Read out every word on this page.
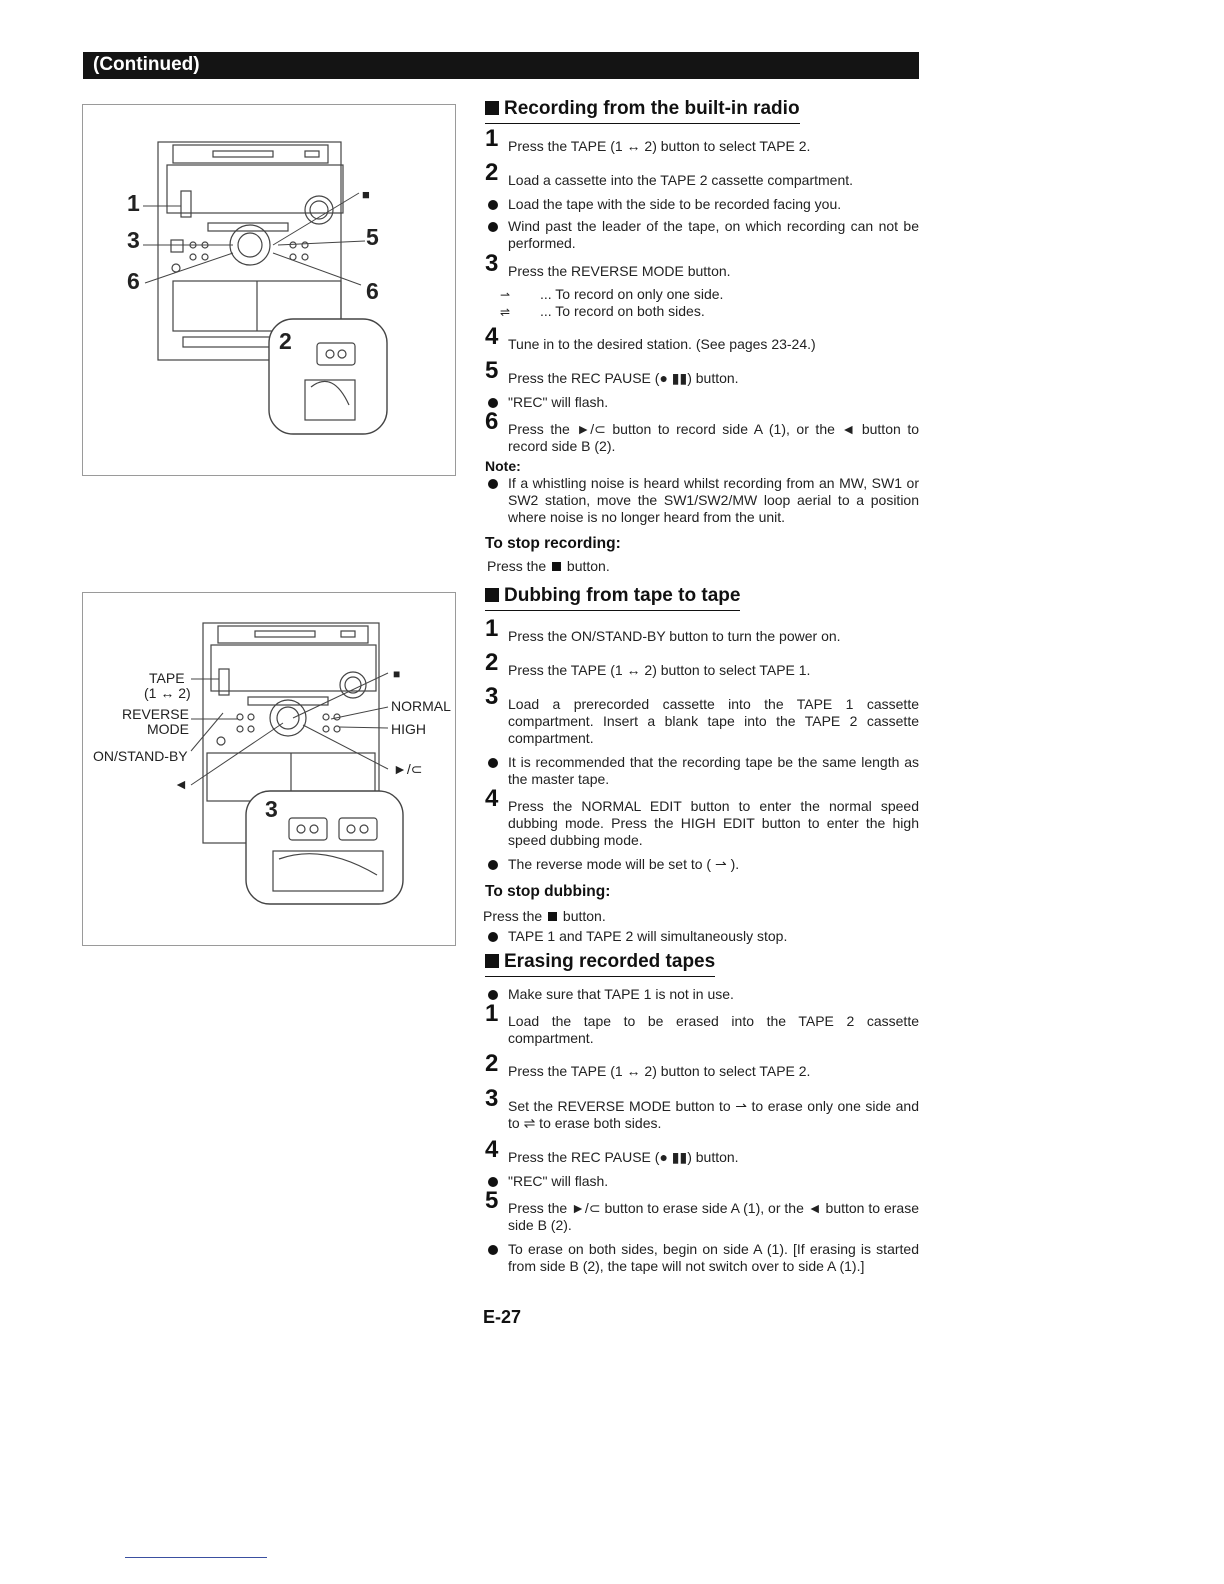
(Continued)
1
3
6
■
5
6
2
TAPE
(1 ↔ 2)
REVERSE
MODE
ON/STAND-BY
◄
■
NORMAL
HIGH
►/⊂
3
Recording from the built-in radio
1 Press the TAPE (1 ↔ 2) button to select TAPE 2.
2 Load a cassette into the TAPE 2 cassette compartment.
Load the tape with the side to be recorded facing you.
Wind past the leader of the tape, on which recording can not be performed.
3 Press the REVERSE MODE button.
⇀ ... To record on only one side.
⇌ ... To record on both sides.
4 Tune in to the desired station. (See pages 23-24.)
5 Press the REC PAUSE (● ▮▮) button.
"REC" will flash.
6 Press the ►/⊂ button to record side A (1), or the ◄ button to record side B (2).
Note:
If a whistling noise is heard whilst recording from an MW, SW1 or SW2 station, move the SW1/SW2/MW loop aerial to a position where noise is no longer heard from the unit.
To stop recording:
Press the button.
Dubbing from tape to tape
1 Press the ON/STAND-BY button to turn the power on.
2 Press the TAPE (1 ↔ 2) button to select TAPE 1.
3 Load a prerecorded cassette into the TAPE 1 cassette compartment. Insert a blank tape into the TAPE 2 cassette compartment.
It is recommended that the recording tape be the same length as the master tape.
4 Press the NORMAL EDIT button to enter the normal speed dubbing mode. Press the HIGH EDIT button to enter the high speed dubbing mode.
The reverse mode will be set to ( ⇀ ).
To stop dubbing:
Press the button.
TAPE 1 and TAPE 2 will simultaneously stop.
Erasing recorded tapes
Make sure that TAPE 1 is not in use.
1 Load the tape to be erased into the TAPE 2 cassette compartment.
2 Press the TAPE (1 ↔ 2) button to select TAPE 2.
3 Set the REVERSE MODE button to ⇀ to erase only one side and to ⇌ to erase both sides.
4 Press the REC PAUSE (● ▮▮) button.
"REC" will flash.
5 Press the ►/⊂ button to erase side A (1), or the ◄ button to erase side B (2).
To erase on both sides, begin on side A (1). [If erasing is started from side B (2), the tape will not switch over to side A (1).]
E-27
